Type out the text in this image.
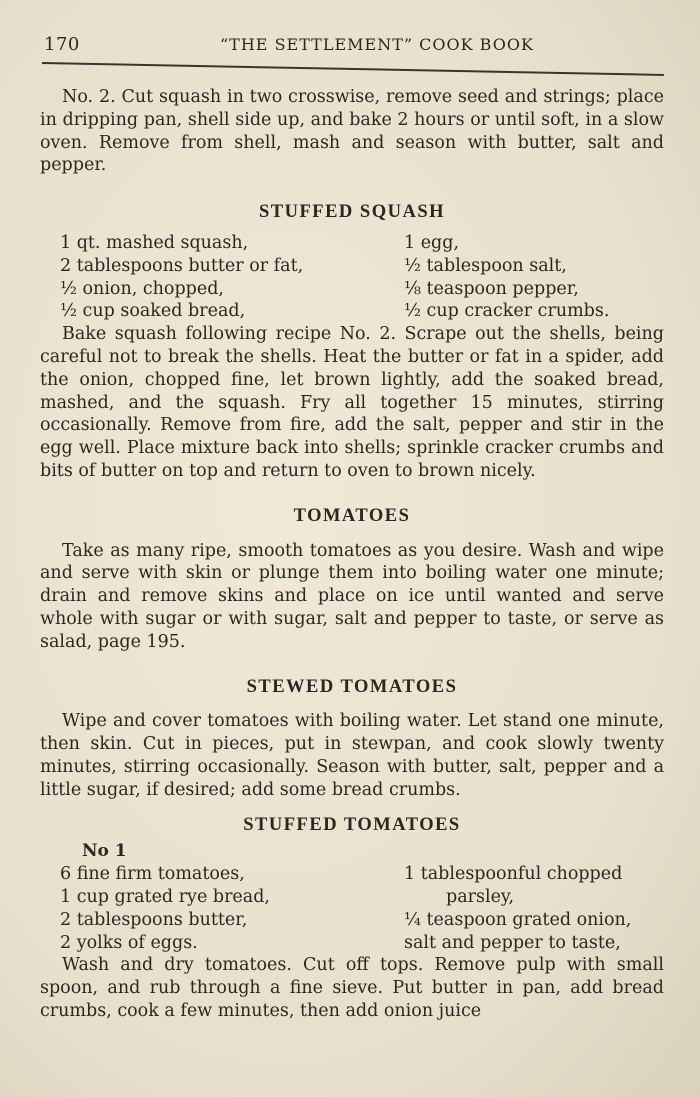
170	“THE SETTLEMENT” COOK BOOK

No. 2. Cut squash in two crosswise, remove seed and strings; place in dripping pan, shell side up, and bake 2 hours or until soft, in a slow oven. Remove from shell, mash and season with butter, salt and pepper.

STUFFED SQUASH
1 qt. mashed squash,	1 egg,
2 tablespoons butter or fat,	½ tablespoon salt,
½ onion, chopped,	⅛ teaspoon pepper,
½ cup soaked bread,	½ cup cracker crumbs.

Bake squash following recipe No. 2. Scrape out the shells, being careful not to break the shells. Heat the butter or fat in a spider, add the onion, chopped fine, let brown lightly, add the soaked bread, mashed, and the squash. Fry all together 15 minutes, stirring occasionally. Remove from fire, add the salt, pepper and stir in the egg well. Place mixture back into shells; sprinkle cracker crumbs and bits of butter on top and return to oven to brown nicely.

TOMATOES

Take as many ripe, smooth tomatoes as you desire. Wash and wipe and serve with skin or plunge them into boiling water one minute; drain and remove skins and place on ice until wanted and serve whole with sugar or with sugar, salt and pepper to taste, or serve as salad, page 195.

STEWED TOMATOES

Wipe and cover tomatoes with boiling water. Let stand one minute, then skin. Cut in pieces, put in stewpan, and cook slowly twenty minutes, stirring occasionally. Season with butter, salt, pepper and a little sugar, if desired; add some bread crumbs.

STUFFED TOMATOES
No 1
6 fine firm tomatoes,	1 tablespoonful chopped
1 cup grated rye bread,	parsley,
2 tablespoons butter,	¼ teaspoon grated onion,
2 yolks of eggs.	salt and pepper to taste,

Wash and dry tomatoes. Cut off tops. Remove pulp with small spoon, and rub through a fine sieve. Put butter in pan, add bread crumbs, cook a few minutes, then add onion juice
